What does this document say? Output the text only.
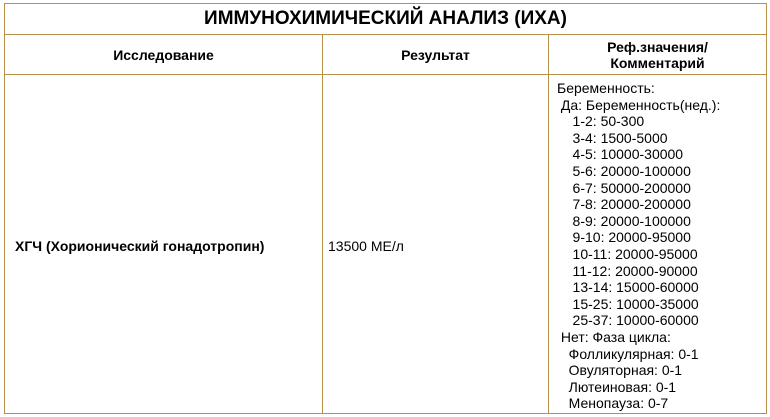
ИММУНОХИМИЧЕСКИЙ АНАЛИЗ (ИХА)
Исследование	Результат	Реф.значения/
Комментарий
ХГЧ (Хорионический гонадотропин)	13500 МЕ/л
Беременность:
Да: Беременность(нед.):
1-2: 50-300
3-4: 1500-5000
4-5: 10000-30000
5-6: 20000-100000
6-7: 50000-200000
7-8: 20000-200000
8-9: 20000-100000
9-10: 20000-95000
10-11: 20000-95000
11-12: 20000-90000
13-14: 15000-60000
15-25: 10000-35000
25-37: 10000-60000
Нет: Фаза цикла:
Фолликулярная: 0-1
Овуляторная: 0-1
Лютеиновая: 0-1
Менопауза: 0-7
